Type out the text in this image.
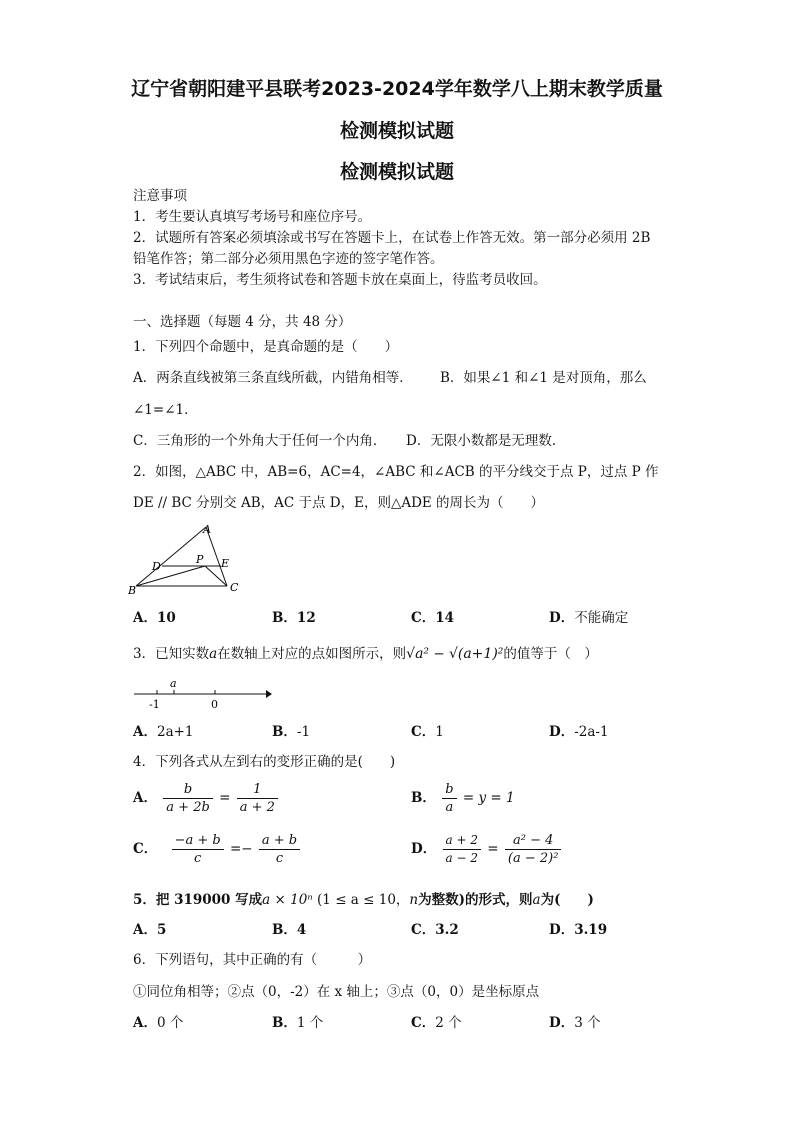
辽宁省朝阳建平县联考2023-2024学年数学八上期末教学质量
检测模拟试题
检测模拟试题
注意事项
1．考生要认真填写考场号和座位序号。
2．试题所有答案必须填涂或书写在答题卡上，在试卷上作答无效。第一部分必须用 2B
铅笔作答；第二部分必须用黑色字迹的签字笔作答。
3．考试结束后，考生须将试卷和答题卡放在桌面上，待监考员收回。
一、选择题（每题 4 分，共 48 分）
1．下列四个命题中，是真命题的是（　　）
A．两条直线被第三条直线所截，内错角相等． B．如果∠1 和∠1 是对顶角，那么
∠1=∠1．
C．三角形的一个外角大于任何一个内角． D．无限小数都是无理数．
2．如图，△ABC 中，AB=6，AC=4，∠ABC 和∠ACB 的平分线交于点 P，过点 P 作
DE // BC 分别交 AB，AC 于点 D，E，则△ADE 的周长为（　　）
A
B	C
D	E
P
A．10	B．12	C．14	D．不能确定
3．已知实数a在数轴上对应的点如图所示，则√a² − √(a+1)²的值等于（　）
a
-1	0
A．2a+1	B．-1	C．1	D．-2a-1
4．下列各式从左到右的变形正确的是(　　)
A． $\frac{b}{a + 2b} = \frac{1}{a + 2}$	B． $\frac{b}{a} = y = 1$
C． $\frac{-a + b}{c} =- \frac{a + b}{c}$	D． $\frac{a + 2}{a - 2} = \frac{\text{a² − 4}}{\text{(a − 2)²}}$
5．把 319000 写成a × 10ⁿ (1 ≤ a ≤ 10，n为整数)的形式，则a为(　　)
A．5	B．4	C．3.2	D．3.19
6．下列语句，其中正确的有（　　　）
①同位角相等；②点（0，-2）在 x 轴上；③点（0，0）是坐标原点
A．0 个	B．1 个	C．2 个	D．3 个
